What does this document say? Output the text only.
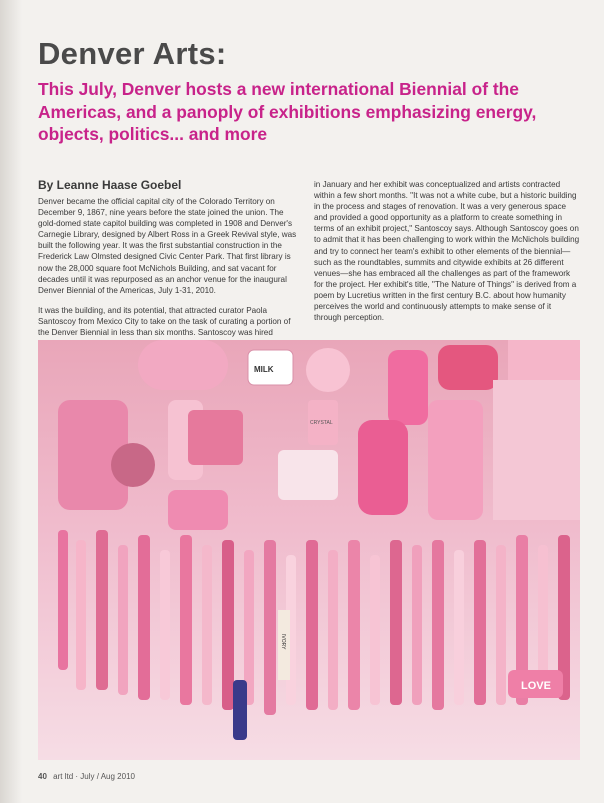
Denver Arts:
This July, Denver hosts a new international Biennial of the Americas, and a panoply of exhibitions emphasizing energy, objects, politics... and more
By Leanne Haase Goebel

Denver became the official capital city of the Colorado Territory on December 9, 1867, nine years before the state joined the union. The gold-domed state capitol building was completed in 1908 and Denver's Carnegie Library, designed by Albert Ross in a Greek Revival style, was built the following year. It was the first substantial construction in the Frederick Law Olmsted designed Civic Center Park. That first library is now the 28,000 square foot McNichols Building, and sat vacant for decades until it was repurposed as an anchor venue for the inaugural Denver Biennial of the Americas, July 1-31, 2010.

It was the building, and its potential, that attracted curator Paola Santoscoy from Mexico City to take on the task of curating a portion of the Denver Biennial in less than six months. Santoscoy was hired

in January and her exhibit was conceptualized and artists contracted within a few short months. "It was not a white cube, but a historic building in the process and stages of renovation. It was a very generous space and provided a good opportunity as a platform to create something in terms of an exhibit project," Santoscoy says. Although Santoscoy goes on to admit that it has been challenging to work within the McNichols building and try to connect her team's exhibit to other elements of the biennial—such as the roundtables, summits and citywide exhibits at 26 different venues—she has embraced all the challenges as part of the framework for the project. Her exhibit's title, "The Nature of Things" is derived from a poem by Lucretius written in the first century B.C. about how humanity perceives the world and continuously attempts to make sense of it through perception.

MILK
CRYSTAL
IVORY
LOVE
40 art ltd · July / Aug 2010
